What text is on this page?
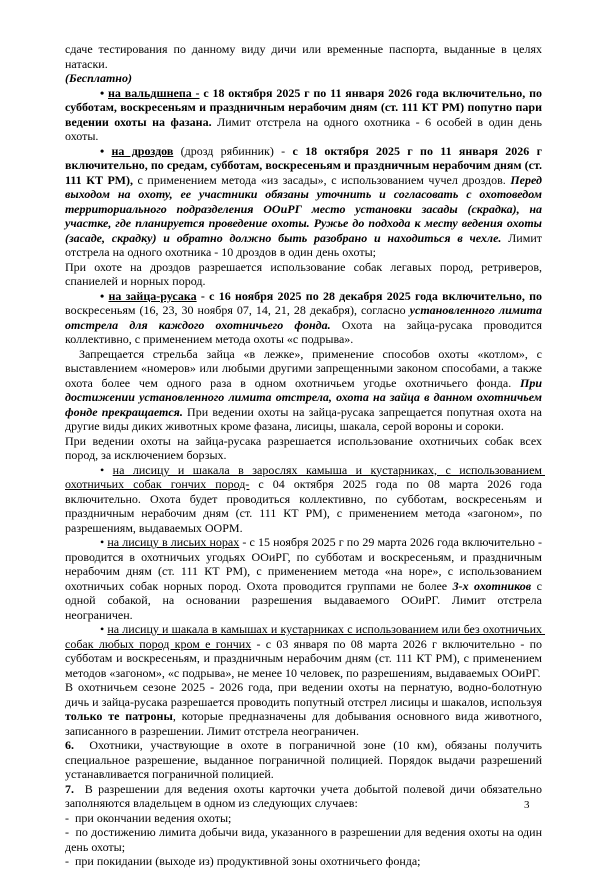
сдаче тестирования по данному виду дичи или временные паспорта, выданные в целях натаски.

(Бесплатно)

• на вальдшнепа - с 18 октября 2025 г по 11 января 2026 года включительно, по субботам, воскресеньям и праздничным нерабочим дням (ст. 111 КТ РМ) попутно пари ведении охоты на фазана. Лимит отстрела на одного охотника - 6 особей в один день охоты.

• на дроздов (дрозд рябинник) - с 18 октября 2025 г по 11 января 2026 г включительно, по средам, субботам, воскресеньям и праздничным нерабочим дням (ст. 111 КТ РМ), с применением метода «из засады», с использованием чучел дроздов. Перед выходом на охоту, ее участники обязаны уточнить и согласовать с охотоведом территориального подразделения ООиРГ место установки засады (скрадка), на участке, где планируется проведение охоты. Ружье до подхода к месту ведения охоты (засаде, скрадку) и обратно должно быть разобрано и находиться в чехле. Лимит отстрела на одного охотника - 10 дроздов в один день охоты;

При охоте на дроздов разрешается использование собак легавых пород, ретриверов, спаниелей и норных пород.

• на зайца-русака - с 16 ноября 2025 по 28 декабря 2025 года включительно, по воскресеньям (16, 23, 30 ноября 07, 14, 21, 28 декабря), согласно установленного лимита отстрела для каждого охотничьего фонда. Охота на зайца-русака проводится коллективно, с применением метода охоты «с подрыва».

Запрещается стрельба зайца «в лежке», применение способов охоты «котлом», с выставлением «номеров» или любыми другими запрещенными законом способами, а также охота более чем одного раза в одном охотничьем угодье охотничьего фонда. При достижении установленного лимита отстрела, охота на зайца в данном охотничьем фонде прекращается. При ведении охоты на зайца-русака запрещается попутная охота на другие виды диких животных кроме фазана, лисицы, шакала, серой вороны и сороки.

При ведении охоты на зайца-русака разрешается использование охотничьих собак всех пород, за исключением борзых.

• на лисицу и шакала в зарослях камыша и кустарниках, с использованием охотничьих собак гончих пород- с 04 октября 2025 года по 08 марта 2026 года включительно. Охота будет проводиться коллективно, по субботам, воскресеньям и праздничным нерабочим дням (ст. 111 КТ РМ), с применением метода «загоном», по разрешениям, выдаваемых ООРМ.

• на лисицу в лисьих норах - с 15 ноября 2025 г по 29 марта 2026 года включительно - проводится в охотничьих угодьях ООиРГ, по субботам и воскресеньям, и праздничным нерабочим дням (ст. 111 КТ РМ), с применением метода «на норе», с использованием охотничьих собак норных пород. Охота проводится группами не более 3-х охотников с одной собакой, на основании разрешения выдаваемого ООиРГ. Лимит отстрела неограничен.

• на лисицу и шакала в камышах и кустарниках с использованием или без охотничьих собак любых пород кром е гончих - с 03 января по 08 марта 2026 г включительно - по субботам и воскресеньям, и праздничным нерабочим дням (ст. 111 КТ РМ), с применением методов «загоном», «с подрыва», не менее 10 человек, по разрешениям, выдаваемых ООиРГ.

В охотничьем сезоне 2025 - 2026 года, при ведении охоты на пернатую, водно-болотную дичь и зайца-русака разрешается проводить попутный отстрел лисицы и шакалов, используя только те патроны, которые предназначены для добывания основного вида животного, записанного в разрешении. Лимит отстрела неограничен.

6.  Охотники, участвующие в охоте в пограничной зоне (10 км), обязаны получить специальное разрешение, выданное пограничной полицией. Порядок выдачи разрешений устанавливается пограничной полицией.

7.  В разрешении для ведения охоты карточки учета добытой полевой дичи обязательно заполняются владельцем в одном из следующих случаев:

-  при окончании ведения охоты;

-  по достижению лимита добычи вида, указанного в разрешении для ведения охоты на один день охоты;

-  при покидании (выходе из) продуктивной зоны охотничьего фонда;

3
